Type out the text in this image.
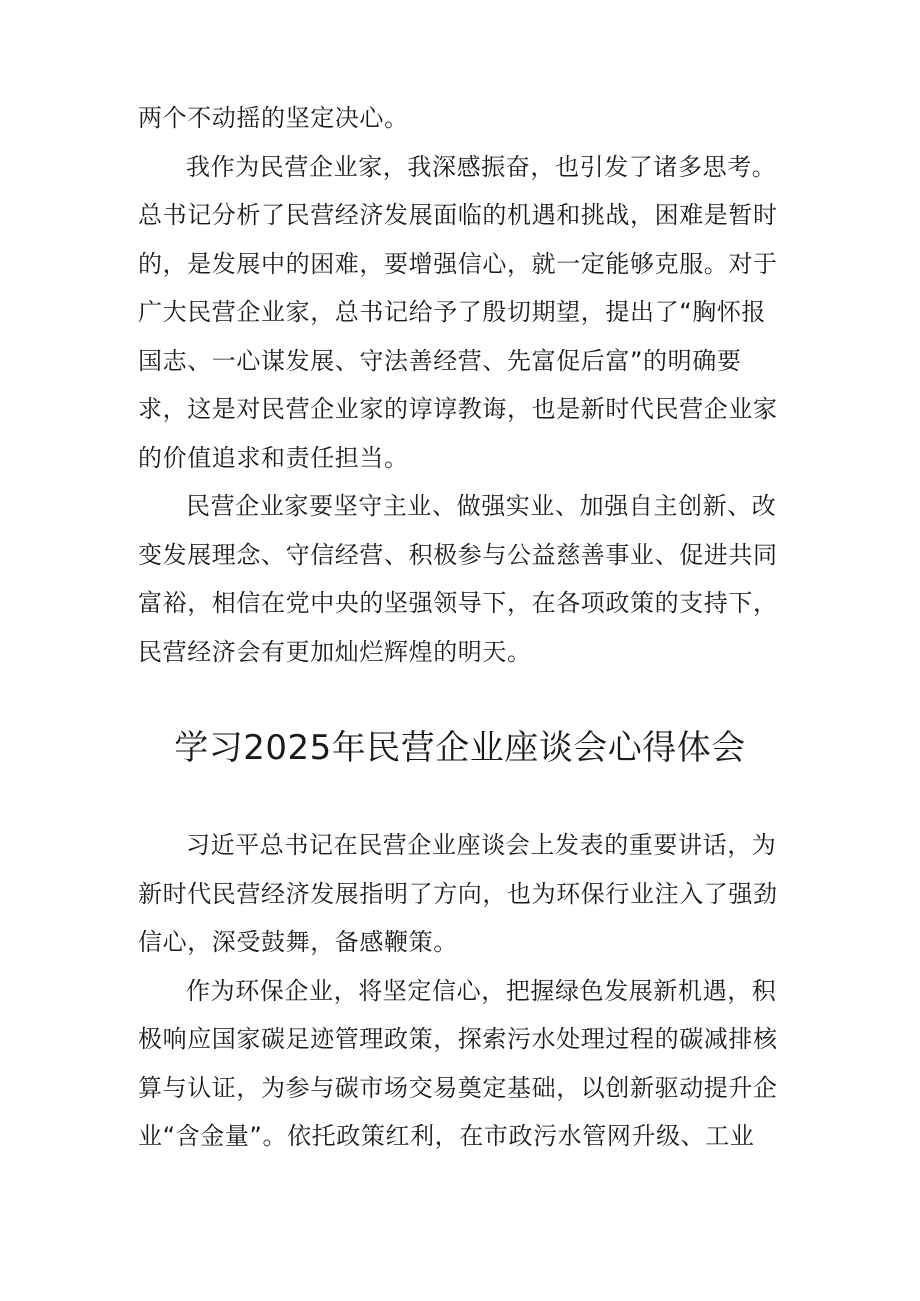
两个不动摇的坚定决心。
我作为民营企业家，我深感振奋，也引发了诸多思考。
总书记分析了民营经济发展面临的机遇和挑战，困难是暂时
的，是发展中的困难，要增强信心，就一定能够克服。对于
广大民营企业家，总书记给予了殷切期望，提出了“胸怀报
国志、一心谋发展、守法善经营、先富促后富”的明确要
求，这是对民营企业家的谆谆教诲，也是新时代民营企业家
的价值追求和责任担当。
民营企业家要坚守主业、做强实业、加强自主创新、改
变发展理念、守信经营、积极参与公益慈善事业、促进共同
富裕，相信在党中央的坚强领导下，在各项政策的支持下，
民营经济会有更加灿烂辉煌的明天。
学习2025年民营企业座谈会心得体会
习近平总书记在民营企业座谈会上发表的重要讲话，为
新时代民营经济发展指明了方向，也为环保行业注入了强劲
信心，深受鼓舞，备感鞭策。
作为环保企业，将坚定信心，把握绿色发展新机遇，积
极响应国家碳足迹管理政策，探索污水处理过程的碳减排核
算与认证，为参与碳市场交易奠定基础，以创新驱动提升企
业“含金量”。依托政策红利，在市政污水管网升级、工业
